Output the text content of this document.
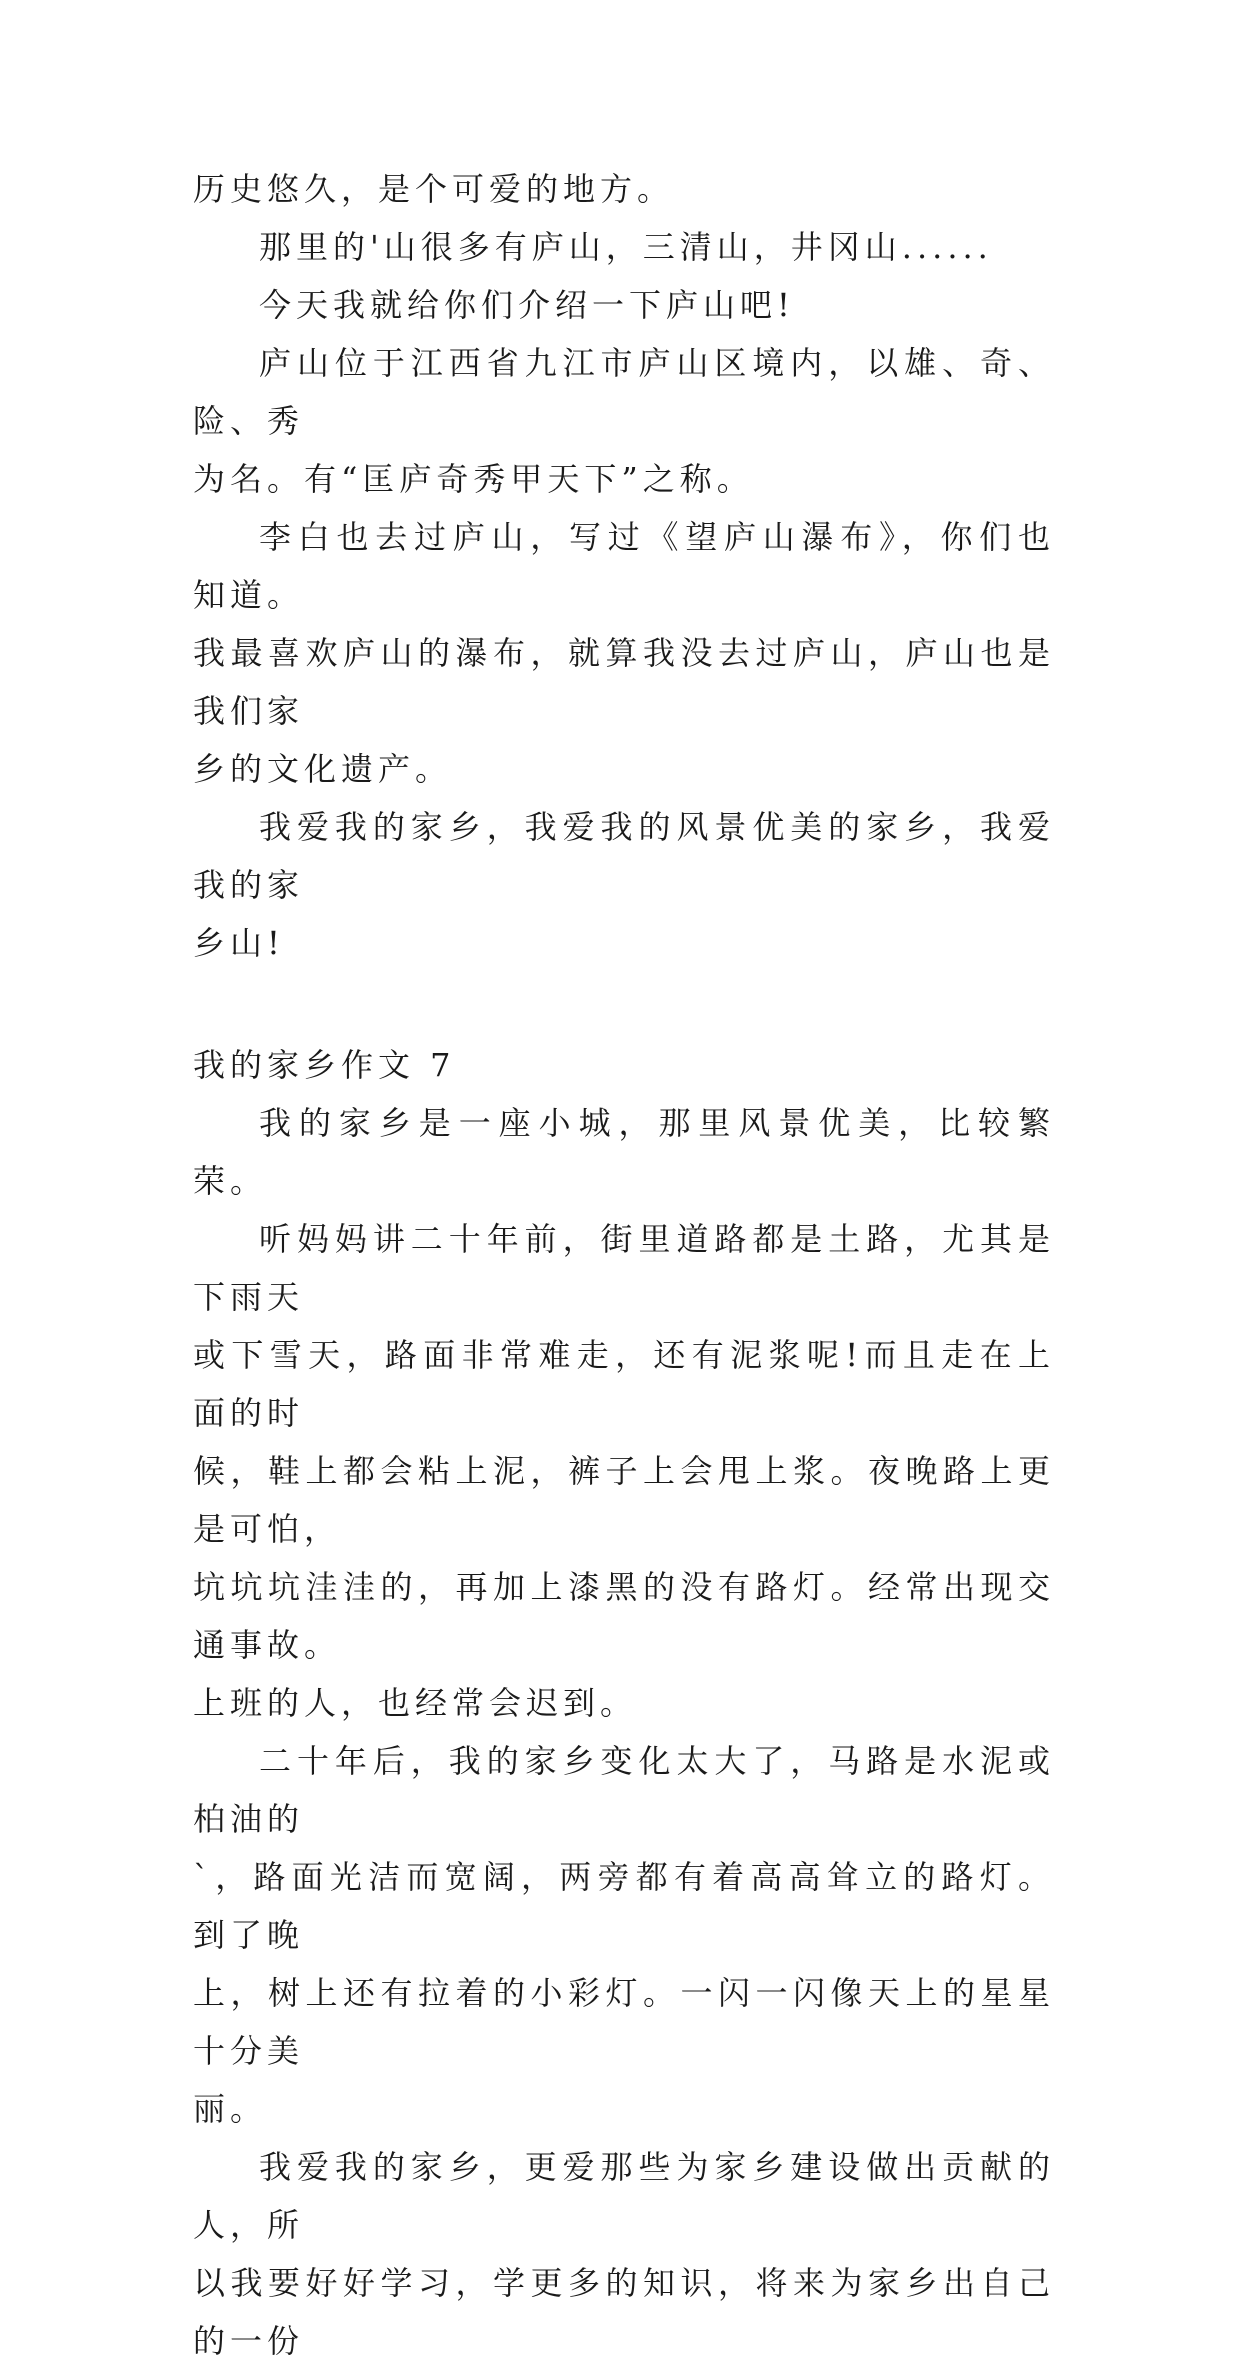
历史悠久，是个可爱的地方。

那里的'山很多有庐山，三清山，井冈山......

今天我就给你们介绍一下庐山吧!

庐山位于江西省九江市庐山区境内，以雄、奇、险、秀
为名。有“匡庐奇秀甲天下”之称。

李白也去过庐山，写过《望庐山瀑布》，你们也知道。
我最喜欢庐山的瀑布，就算我没去过庐山，庐山也是我们家
乡的文化遗产。

我爱我的家乡，我爱我的风景优美的家乡，我爱我的家
乡山!

我的家乡作文 7

我的家乡是一座小城，那里风景优美，比较繁荣。

听妈妈讲二十年前，街里道路都是土路，尤其是下雨天
或下雪天，路面非常难走，还有泥浆呢!而且走在上面的时
候，鞋上都会粘上泥，裤子上会甩上浆。夜晚路上更是可怕，
坑坑坑洼洼的，再加上漆黑的没有路灯。经常出现交通事故。
上班的人，也经常会迟到。

二十年后，我的家乡变化太大了，马路是水泥或柏油的
`，路面光洁而宽阔，两旁都有着高高耸立的路灯。到了晚
上，树上还有拉着的小彩灯。一闪一闪像天上的星星十分美
丽。

我爱我的家乡，更爱那些为家乡建设做出贡献的人，所
以我要好好学习，学更多的知识，将来为家乡出自己的一份
